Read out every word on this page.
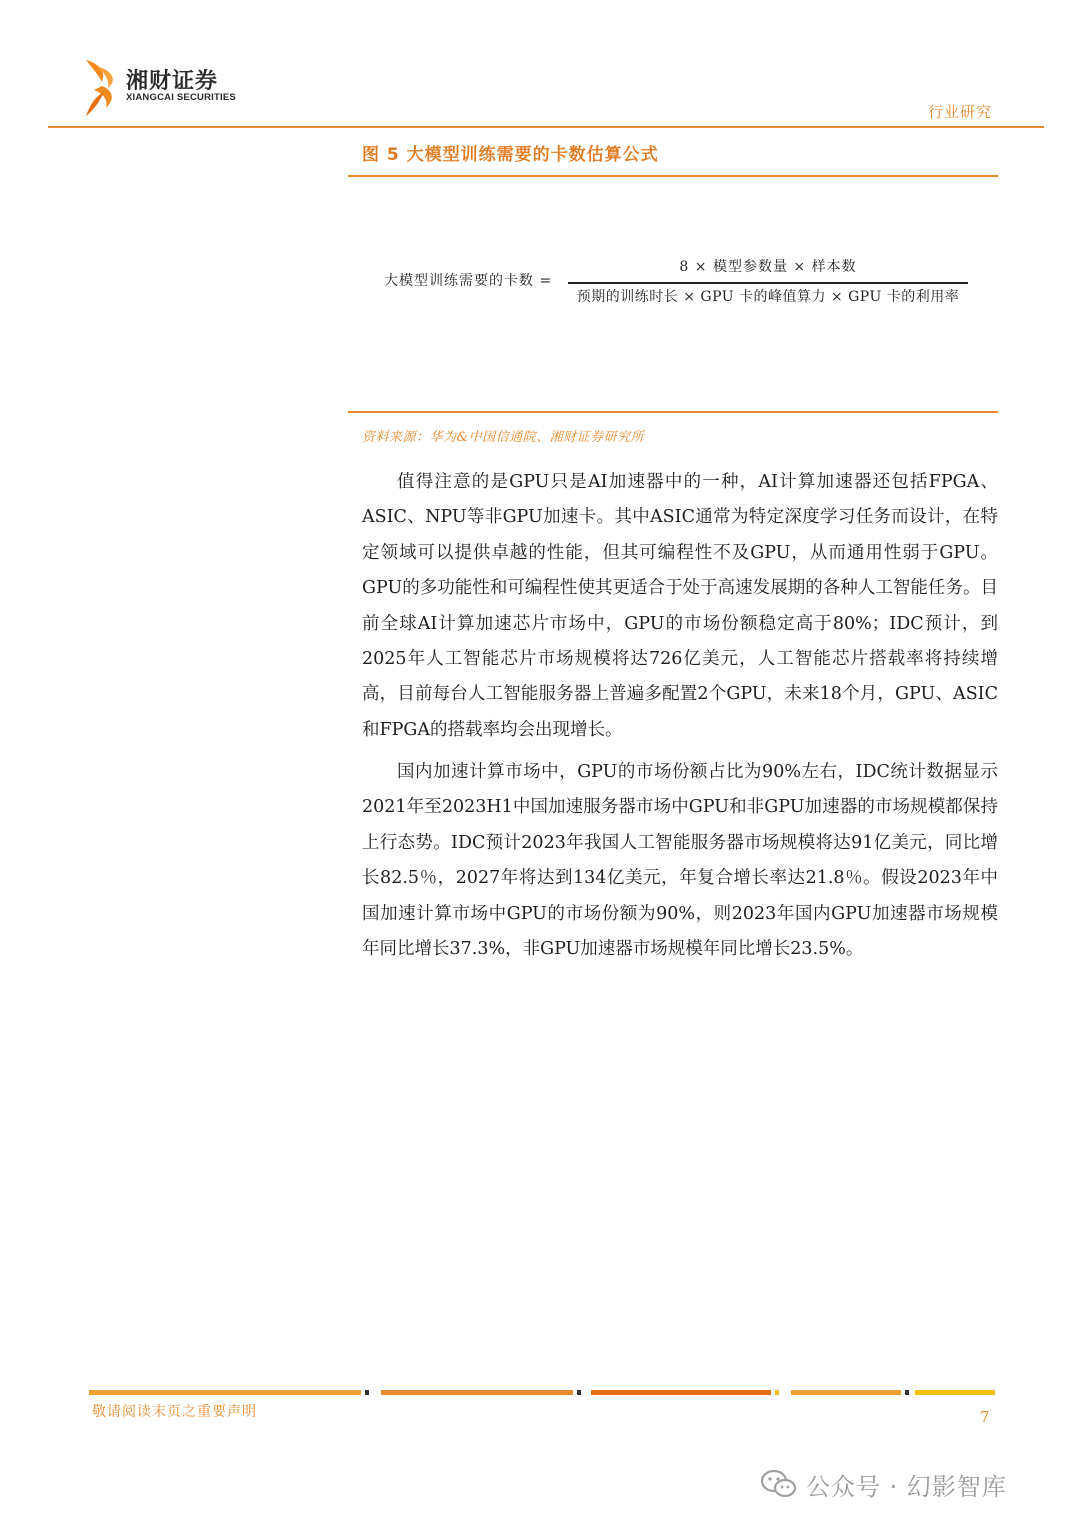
湘财证券
XIANGCAI SECURITIES
行业研究
图 5 大模型训练需要的卡数估算公式
大模型训练需要的卡数 =
8 × 模型参数量 × 样本数
预期的训练时长 × GPU 卡的峰值算力 × GPU 卡的利用率
资料来源：华为&中国信通院、湘财证券研究所
值得注意的是GPU只是AI加速器中的一种，AI计算加速器还包括FPGA、ASIC、NPU等非GPU加速卡。其中ASIC通常为特定深度学习任务而设计，在特定领域可以提供卓越的性能，但其可编程性不及GPU，从而通用性弱于GPU。GPU的多功能性和可编程性使其更适合于处于高速发展期的各种人工智能任务。目前全球AI计算加速芯片市场中，GPU的市场份额稳定高于80%；IDC预计，到2025年人工智能芯片市场规模将达726亿美元，人工智能芯片搭载率将持续增高，目前每台人工智能服务器上普遍多配置2个GPU，未来18个月，GPU、ASIC和FPGA的搭载率均会出现增长。
国内加速计算市场中，GPU的市场份额占比为90%左右，IDC统计数据显示2021年至2023H1中国加速服务器市场中GPU和非GPU加速器的市场规模都保持上行态势。IDC预计2023年我国人工智能服务器市场规模将达91亿美元，同比增长82.5％，2027年将达到134亿美元，年复合增长率达21.8％。假设2023年中国加速计算市场中GPU的市场份额为90%，则2023年国内GPU加速器市场规模年同比增长37.3%，非GPU加速器市场规模年同比增长23.5%。
敬请阅读末页之重要声明	7
公众号 · 幻影智库
